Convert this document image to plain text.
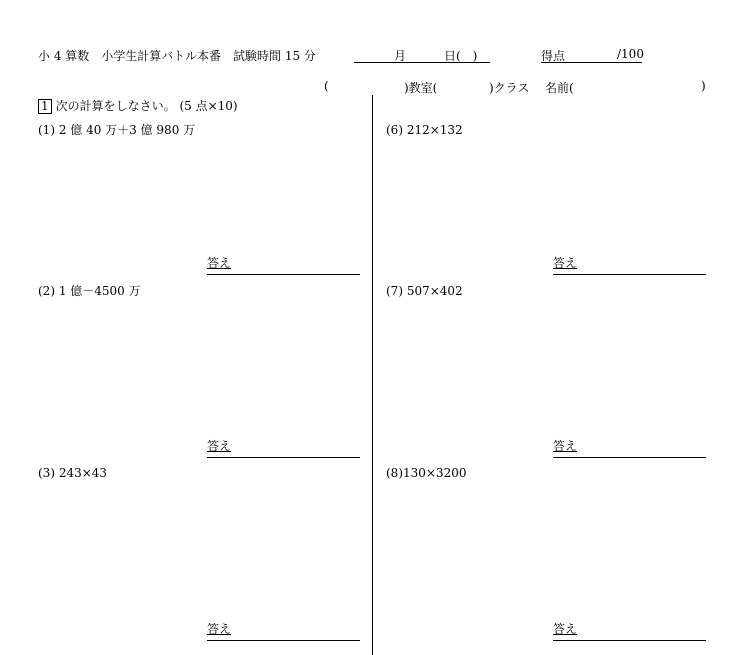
小 4 算数　小学生計算バトル本番　試験時間 15 分	月	日(　)	得点	/100
(	)教室(	)クラス 名前(	)
1 次の計算をしなさい。 (5 点×10)
(1) 2 億 40 万＋3 億 980 万
(2) 1 億－4500 万
(3) 243×43
(6) 212×132
(7) 507×402
(8)130×3200
答え
答え
答え
答え
答え
答え
